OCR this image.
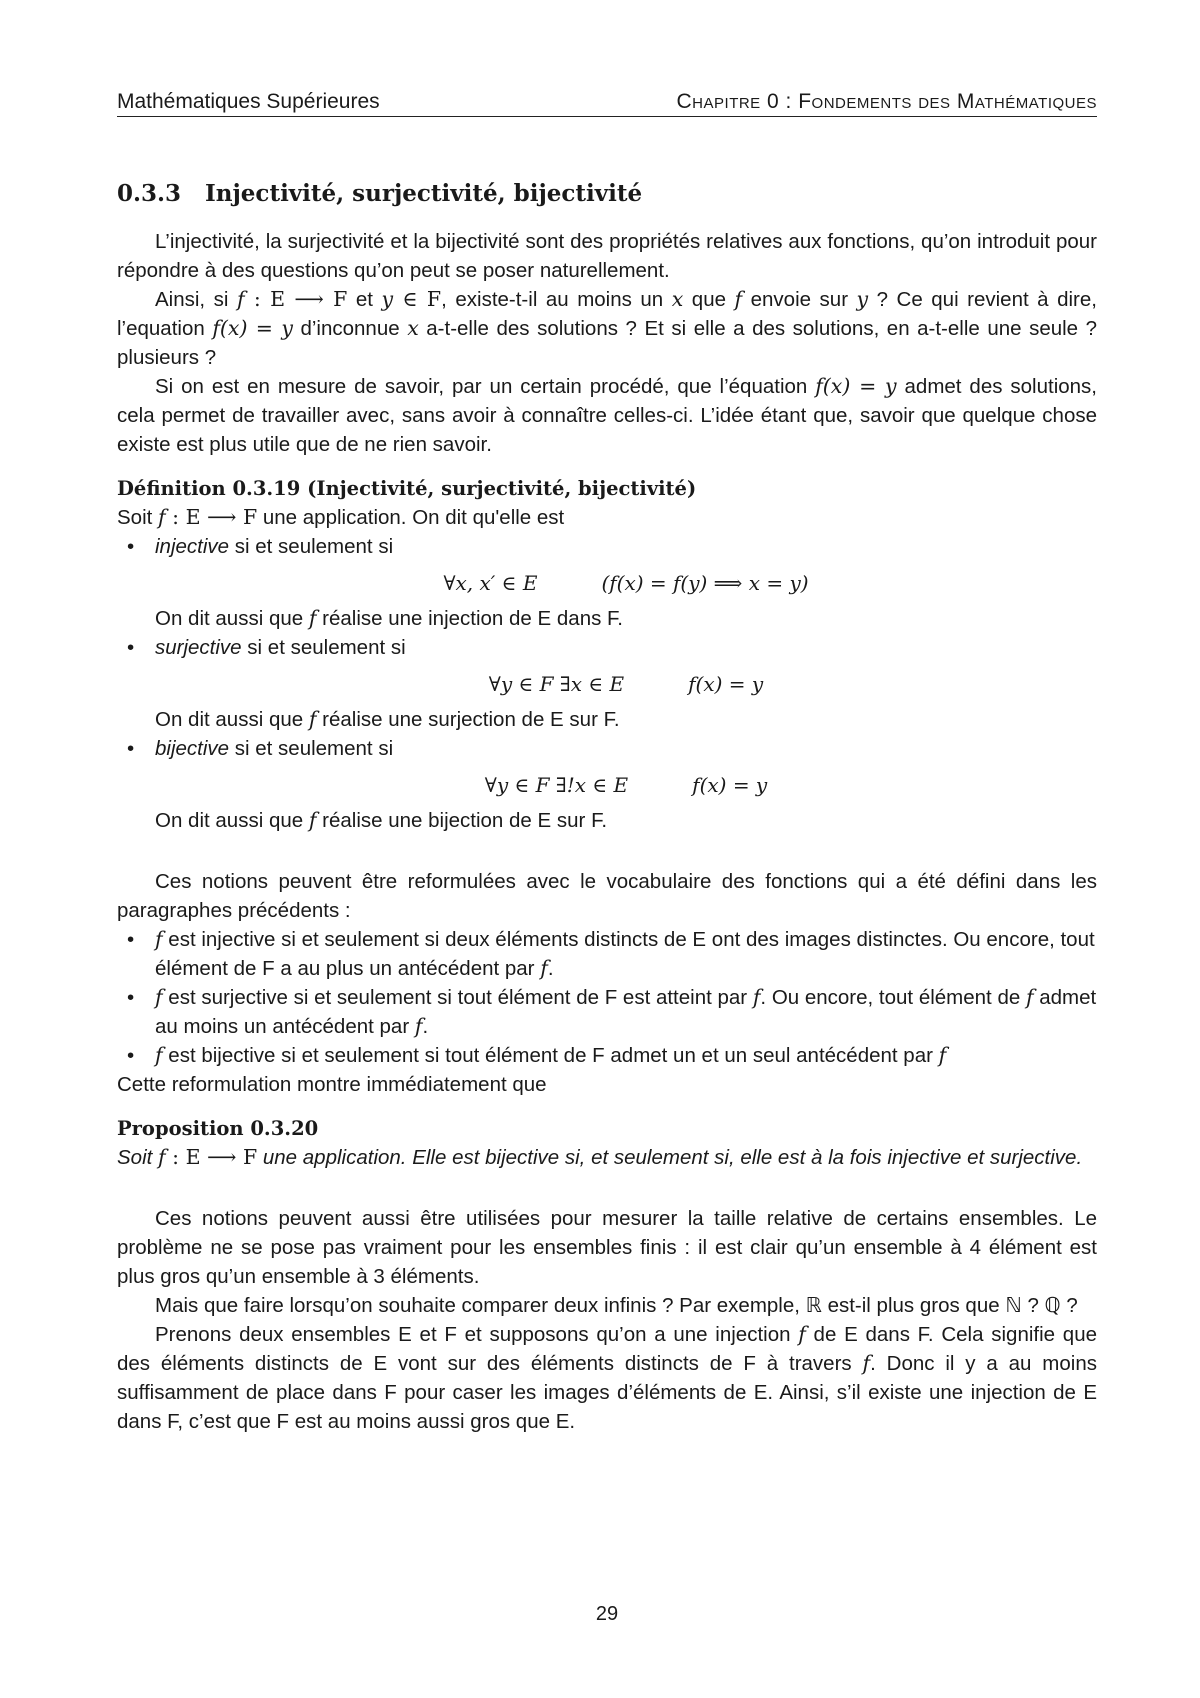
Mathématiques Supérieures	Chapitre 0 : Fondements des Mathématiques
0.3.3 Injectivité, surjectivité, bijectivité

L’injectivité, la surjectivité et la bijectivité sont des propriétés relatives aux fonctions, qu’on introduit pour répondre à des questions qu’on peut se poser naturellement.

Ainsi, si f : E ⟶ F et y ∈ F, existe-t-il au moins un x que f envoie sur y ? Ce qui revient à dire, l’equation f(x) = y d’inconnue x a-t-elle des solutions ? Et si elle a des solutions, en a-t-elle une seule ? plusieurs ?

Si on est en mesure de savoir, par un certain procédé, que l’équation f(x) = y admet des solutions, cela permet de travailler avec, sans avoir à connaître celles-ci. L’idée étant que, savoir que quelque chose existe est plus utile que de ne rien savoir.

Définition 0.3.19 (Injectivité, surjectivité, bijectivité)

Soit f : E ⟶ F une application. On dit qu'elle est

• injective si et seulement si
∀x, x′ ∈ E	(f(x) = f(y) ⟹ x = y)
On dit aussi que f réalise une injection de E dans F.
• surjective si et seulement si
∀y ∈ F ∃x ∈ E	f(x) = y
On dit aussi que f réalise une surjection de E sur F.
• bijective si et seulement si
∀y ∈ F ∃!x ∈ E	f(x) = y
On dit aussi que f réalise une bijection de E sur F.

Ces notions peuvent être reformulées avec le vocabulaire des fonctions qui a été défini dans les paragraphes précédents :

• f est injective si et seulement si deux éléments distincts de E ont des images distinctes. Ou encore, tout élément de F a au plus un antécédent par f.
• f est surjective si et seulement si tout élément de F est atteint par f. Ou encore, tout élément de f admet au moins un antécédent par f.
• f est bijective si et seulement si tout élément de F admet un et un seul antécédent par f

Cette reformulation montre immédiatement que

Proposition 0.3.20

Soit f : E ⟶ F une application. Elle est bijective si, et seulement si, elle est à la fois injective et surjective.

Ces notions peuvent aussi être utilisées pour mesurer la taille relative de certains ensembles. Le problème ne se pose pas vraiment pour les ensembles finis : il est clair qu’un ensemble à 4 élément est plus gros qu’un ensemble à 3 éléments.

Mais que faire lorsqu’on souhaite comparer deux infinis ? Par exemple, ℝ est-il plus gros que ℕ ? ℚ ?

Prenons deux ensembles E et F et supposons qu’on a une injection f de E dans F. Cela signifie que des éléments distincts de E vont sur des éléments distincts de F à travers f. Donc il y a au moins suffisamment de place dans F pour caser les images d’éléments de E. Ainsi, s’il existe une injection de E dans F, c’est que F est au moins aussi gros que E.

29
